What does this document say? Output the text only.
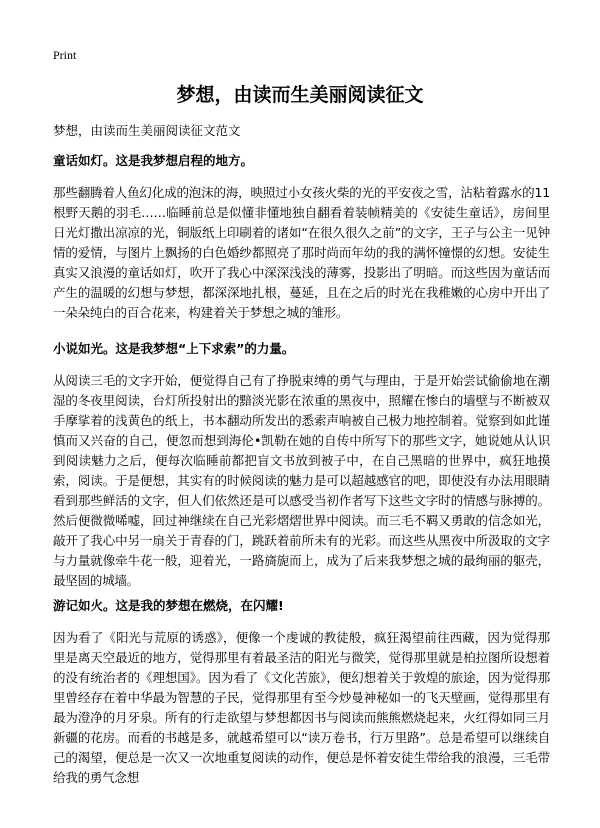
Print
梦想，由读而生美丽阅读征文
梦想，由读而生美丽阅读征文范文

童话如灯。这是我梦想启程的地方。

那些翻腾着人鱼幻化成的泡沫的海，映照过小女孩火柴的光的平安夜之雪，沾粘着露水的11根野天鹅的羽毛……临睡前总是似懂非懂地独自翻看着装帧精美的《安徒生童话》，房间里日光灯撒出凉凉的光，铜版纸上印刷着的诸如“在很久很久之前”的文字，王子与公主一见钟情的爱情，与图片上飘扬的白色婚纱都照亮了那时尚而年幼的我的满怀憧憬的幻想。安徒生真实又浪漫的童话如灯，吹开了我心中深深浅浅的薄雾，投影出了明暗。而这些因为童话而产生的温暖的幻想与梦想，都深深地扎根，蔓延，且在之后的时光在我稚嫩的心房中开出了一朵朵纯白的百合花来，构建着关于梦想之城的雏形。

小说如光。这是我梦想“上下求索”的力量。

从阅读三毛的文字开始，便觉得自己有了挣脱束缚的勇气与理由，于是开始尝试偷偷地在潮湿的冬夜里阅读，台灯所投射出的黯淡光影在浓重的黑夜中，照耀在惨白的墙壁与不断被双手摩挲着的浅黄色的纸上，书本翻动所发出的悉索声响被自己极力地控制着。觉察到如此谨慎而又兴奋的自己，便忽而想到海伦•凯勒在她的自传中所写下的那些文字，她说她从认识到阅读魅力之后，便每次临睡前都把盲文书放到被子中，在自己黑暗的世界中，疯狂地摸索，阅读。于是便想，其实有的时候阅读的魅力是可以超越感官的吧，即使没有办法用眼睛看到那些鲜活的文字，但人们依然还是可以感受当初作者写下这些文字时的情感与脉搏的。然后便微微唏嘘，回过神继续在自己光彩熠熠世界中阅读。而三毛不羁又勇敢的信念如光，敲开了我心中另一扇关于青春的门，跳跃着前所未有的光彩。而这些从黑夜中所汲取的文字与力量就像牵牛花一般，迎着光，一路旖旎而上，成为了后来我梦想之城的最绚丽的躯壳，最坚固的城墙。

游记如火。这是我的梦想在燃烧，在闪耀!

因为看了《阳光与荒原的诱惑》，便像一个虔诚的教徒般，疯狂渴望前往西藏，因为觉得那里是离天空最近的地方，觉得那里有着最圣洁的阳光与微笑，觉得那里就是柏拉图所设想着的没有统治者的《理想国》。因为看了《文化苦旅》，便幻想着关于敦煌的旅途，因为觉得那里曾经存在着中华最为智慧的子民，觉得那里有至今炒曼神秘如一的飞天壁画，觉得那里有最为澄净的月牙泉。所有的行走欲望与梦想都因书与阅读而熊熊燃烧起来，火红得如同三月新疆的花房。而看的书越是多，就越希望可以“读万卷书，行万里路”。总是希望可以继续自己的渴望，便总是一次又一次地重复阅读的动作，便总是怀着安徒生带给我的浪漫，三毛带给我的勇气念想
